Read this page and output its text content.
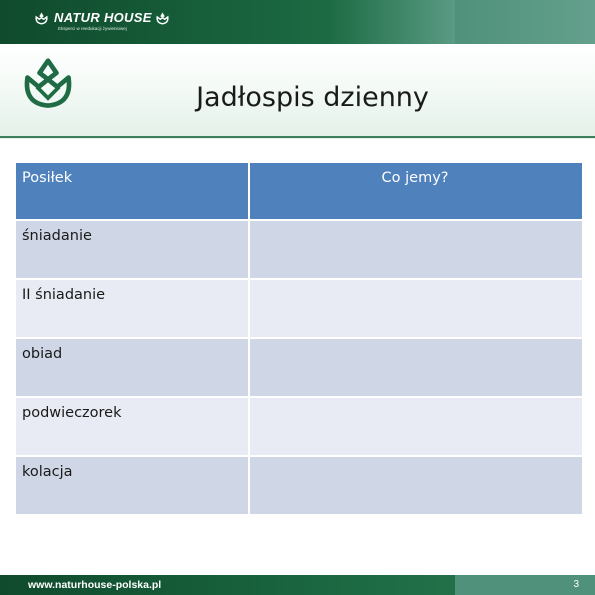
NATUR HOUSE
Eksperci w reedukacji żywieniowej
Jadłospis dzienny
Posiłek	Co jemy?
śniadanie	
II śniadanie	
obiad	
podwieczorek	
kolacja	
www.naturhouse-polska.pl	3
